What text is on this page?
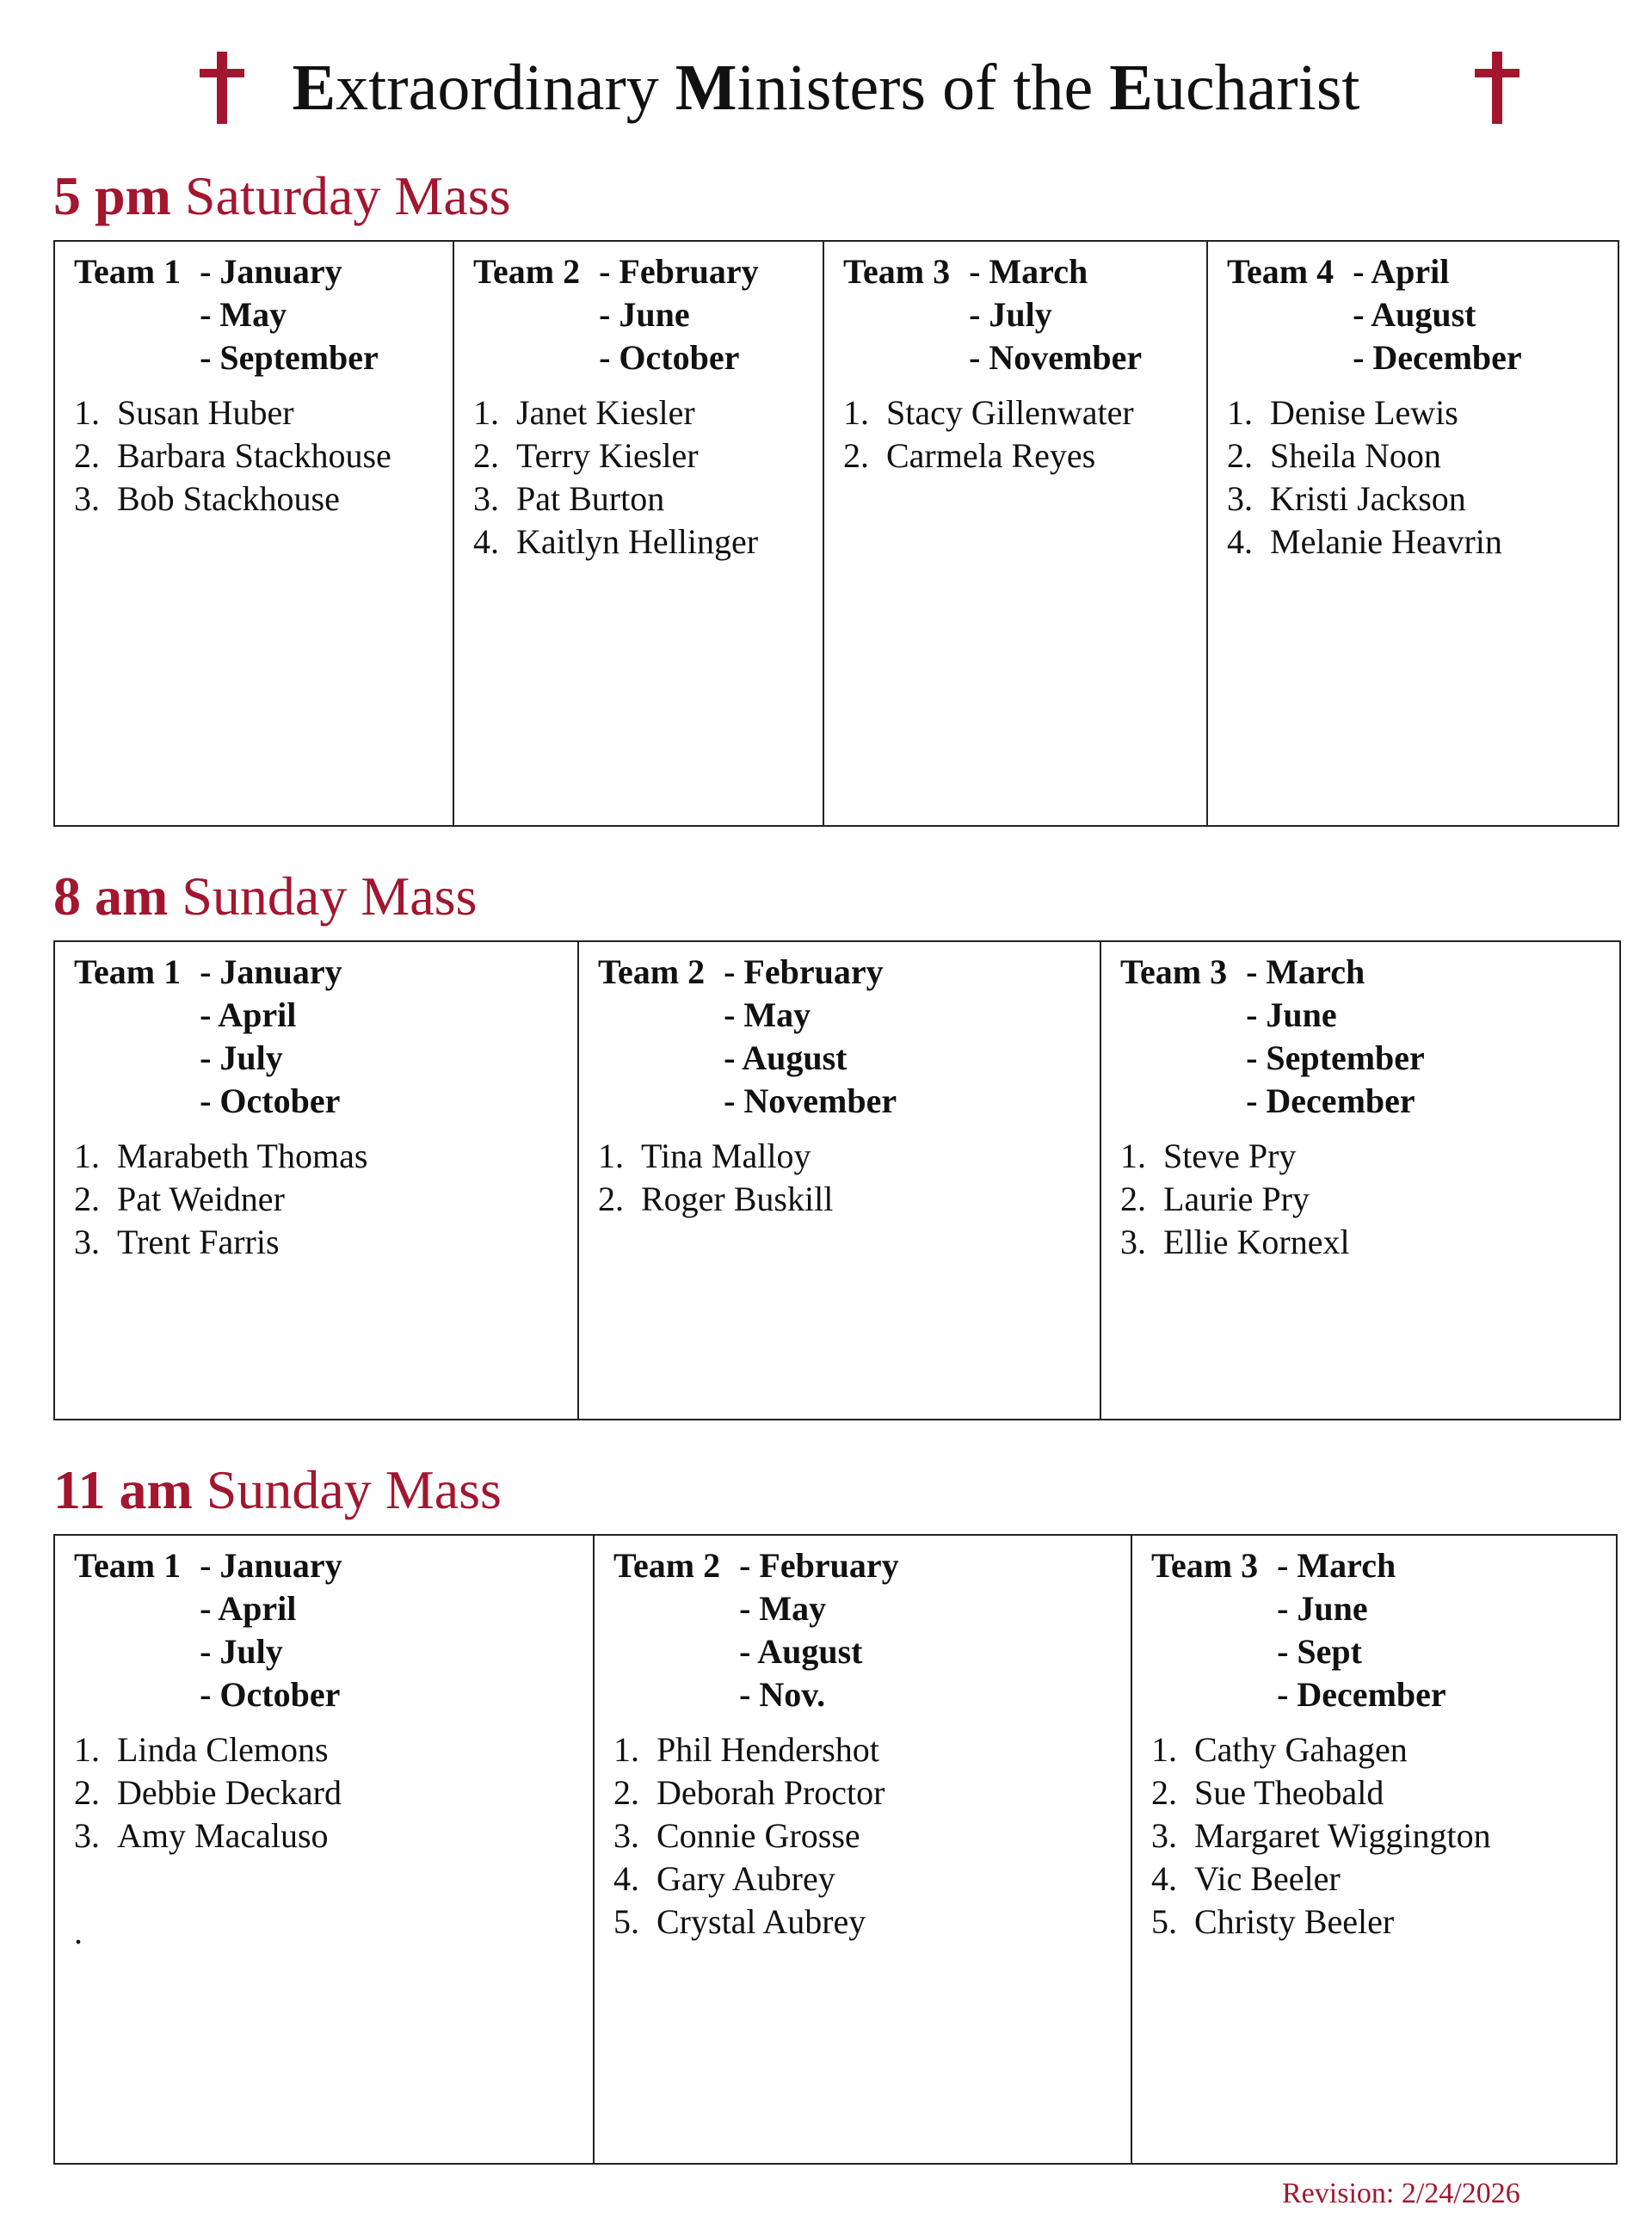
Extraordinary Ministers of the Eucharist
5 pm Saturday Mass
Team 1 - January
- May
- September
1. Susan Huber
2. Barbara Stackhouse
3. Bob Stackhouse
Team 2 - February
- June
- October
1. Janet Kiesler
2. Terry Kiesler
3. Pat Burton
4. Kaitlyn Hellinger
Team 3 - March
- July
- November
1. Stacy Gillenwater
2. Carmela Reyes
Team 4 - April
- August
- December
1. Denise Lewis
2. Sheila Noon
3. Kristi Jackson
4. Melanie Heavrin
8 am Sunday Mass
Team 1 - January
- April
- July
- October
1. Marabeth Thomas
2. Pat Weidner
3. Trent Farris
Team 2 - February
- May
- August
- November
1. Tina Malloy
2. Roger Buskill
Team 3 - March
- June
- September
- December
1. Steve Pry
2. Laurie Pry
3. Ellie Kornexl
11 am Sunday Mass
Team 1 - January
- April
- July
- October
1. Linda Clemons
2. Debbie Deckard
3. Amy Macaluso
.
Team 2 - February
- May
- August
- Nov.
1. Phil Hendershot
2. Deborah Proctor
3. Connie Grosse
4. Gary Aubrey
5. Crystal Aubrey
Team 3 - March
- June
- Sept
- December
1. Cathy Gahagen
2. Sue Theobald
3. Margaret Wiggington
4. Vic Beeler
5. Christy Beeler
Revision: 2/24/2026
